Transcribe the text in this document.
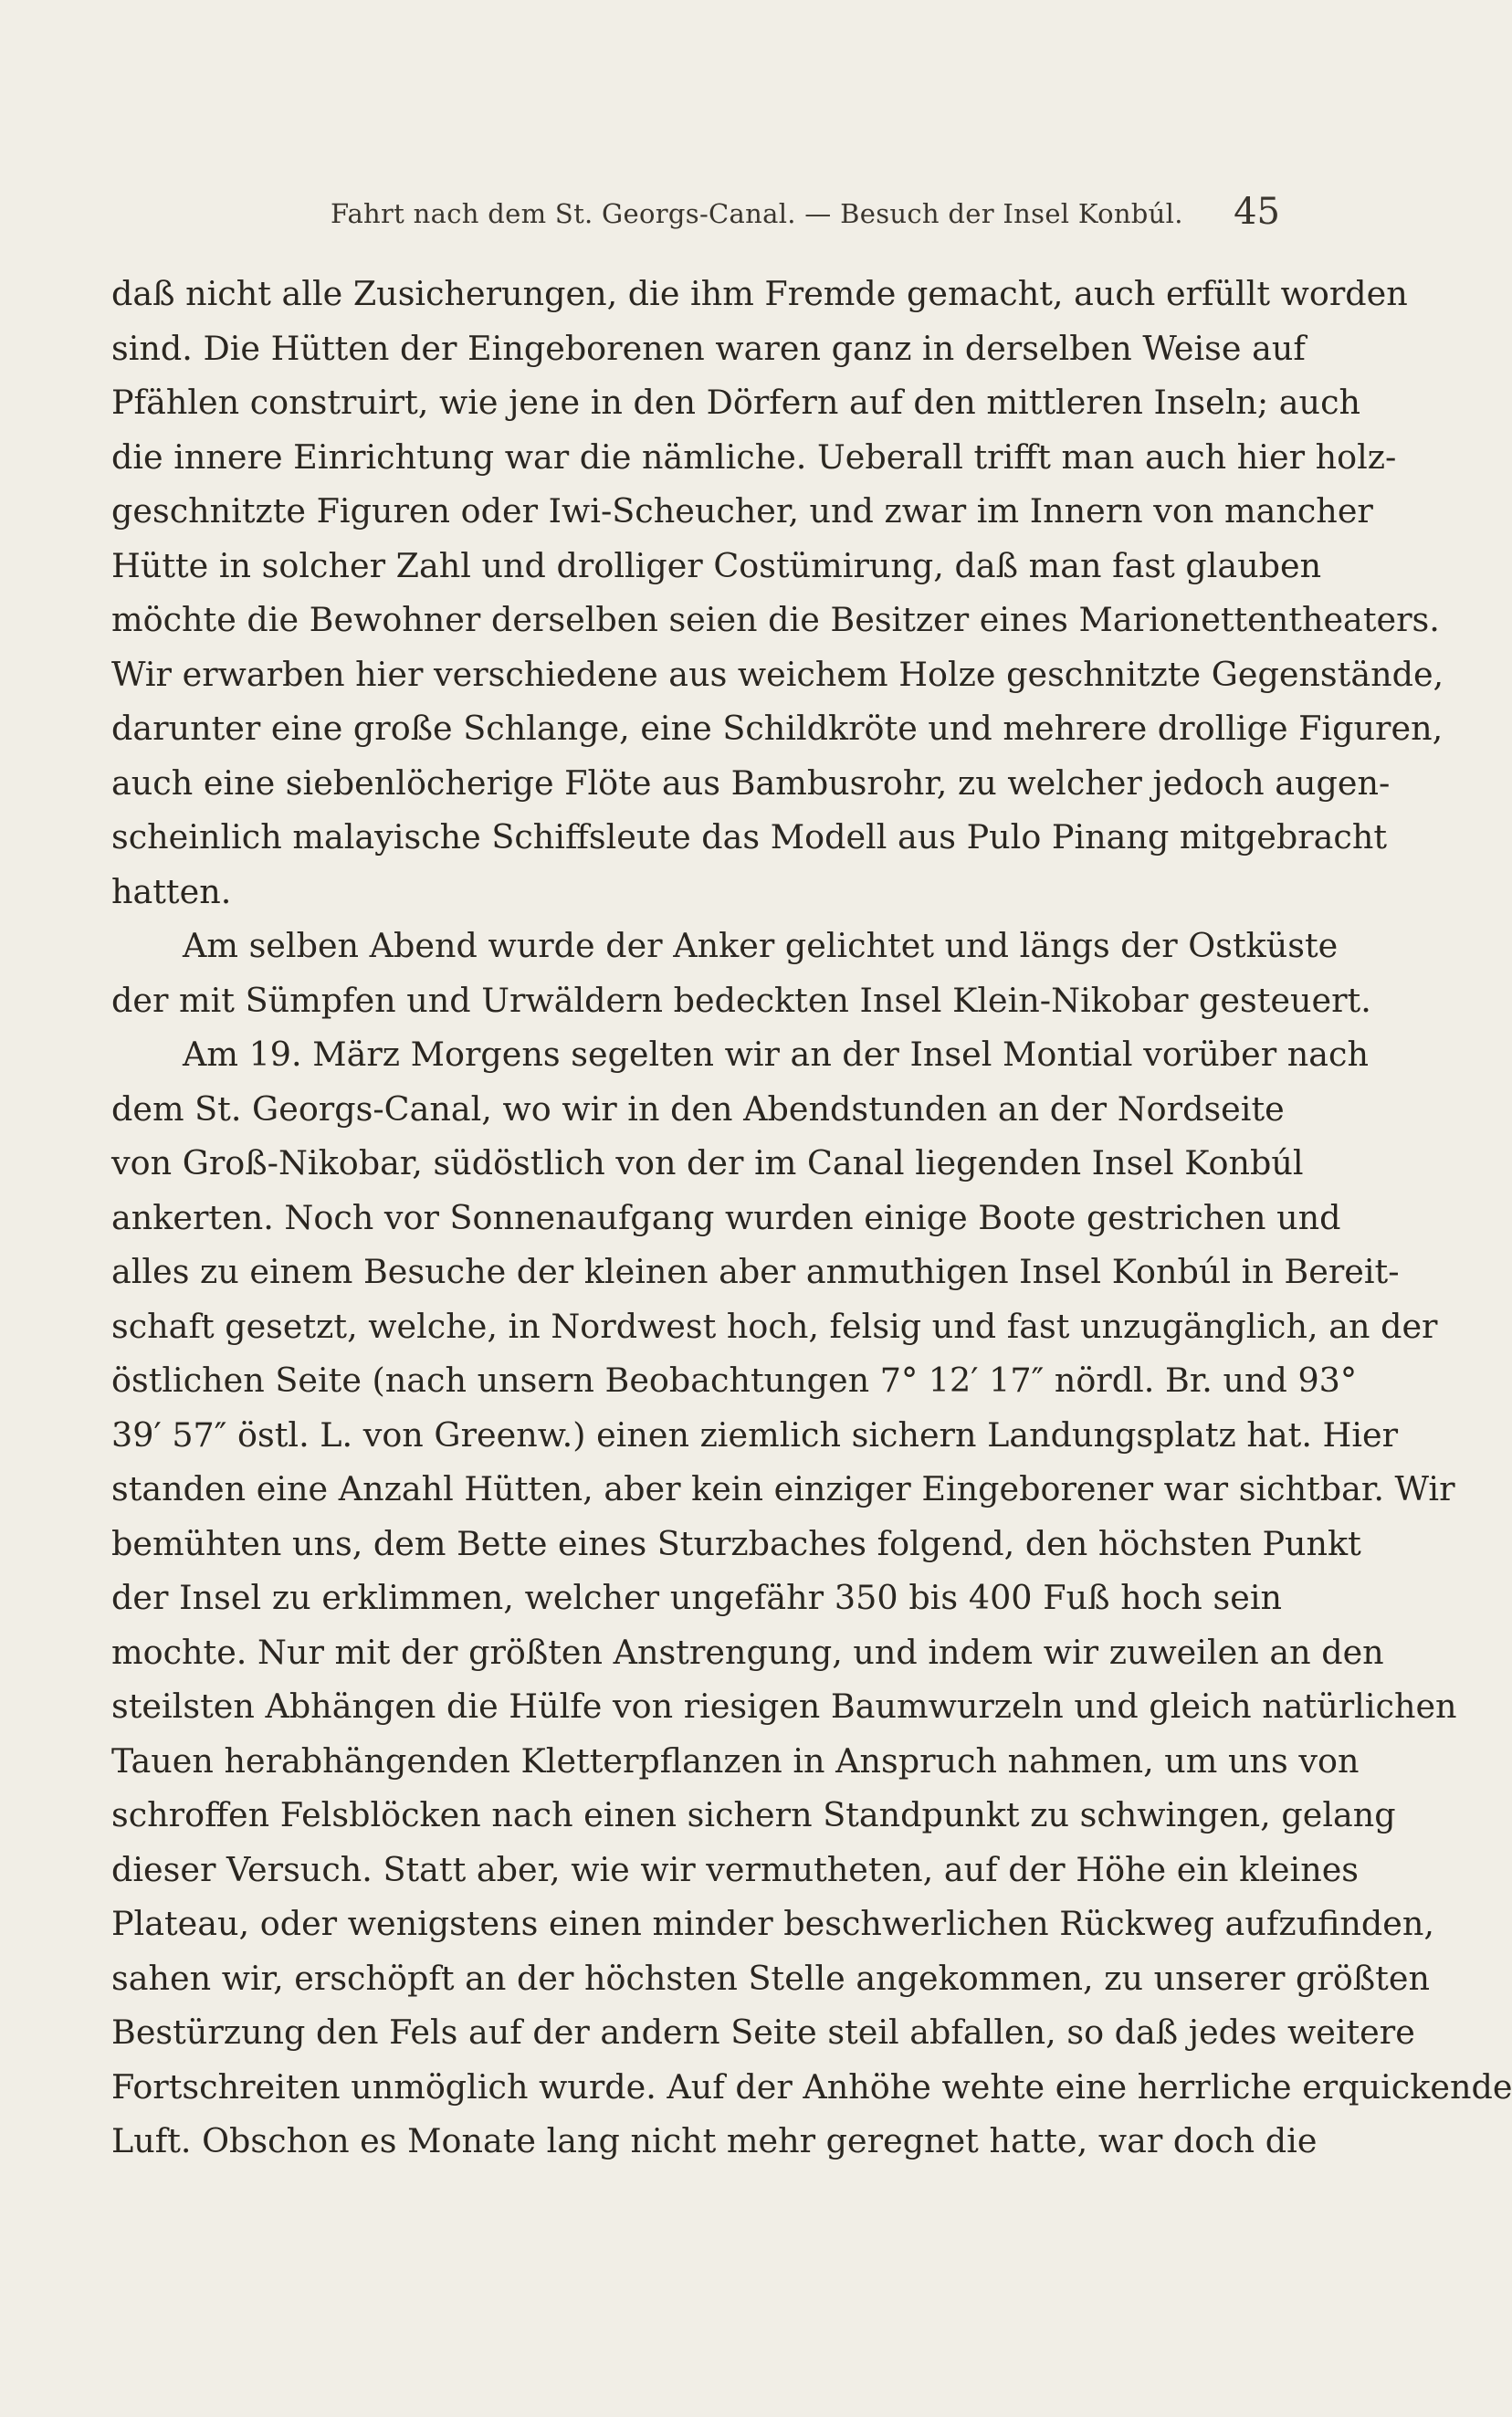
Fahrt nach dem St. Georgs-Canal. — Besuch der Insel Konbúl. 45
daß nicht alle Zusicherungen, die ihm Fremde gemacht, auch erfüllt worden
sind. Die Hütten der Eingeborenen waren ganz in derselben Weise auf
Pfählen construirt, wie jene in den Dörfern auf den mittleren Inseln; auch
die innere Einrichtung war die nämliche. Ueberall trifft man auch hier holz-
geschnitzte Figuren oder Iwi-Scheucher, und zwar im Innern von mancher
Hütte in solcher Zahl und drolliger Costümirung, daß man fast glauben
möchte die Bewohner derselben seien die Besitzer eines Marionettentheaters.
Wir erwarben hier verschiedene aus weichem Holze geschnitzte Gegenstände,
darunter eine große Schlange, eine Schildkröte und mehrere drollige Figuren,
auch eine siebenlöcherige Flöte aus Bambusrohr, zu welcher jedoch augen-
scheinlich malayische Schiffsleute das Modell aus Pulo Pinang mitgebracht
hatten.
Am selben Abend wurde der Anker gelichtet und längs der Ostküste
der mit Sümpfen und Urwäldern bedeckten Insel Klein-Nikobar gesteuert.
Am 19. März Morgens segelten wir an der Insel Montial vorüber nach
dem St. Georgs-Canal, wo wir in den Abendstunden an der Nordseite
von Groß-Nikobar, südöstlich von der im Canal liegenden Insel Konbúl
ankerten. Noch vor Sonnenaufgang wurden einige Boote gestrichen und
alles zu einem Besuche der kleinen aber anmuthigen Insel Konbúl in Bereit-
schaft gesetzt, welche, in Nordwest hoch, felsig und fast unzugänglich, an der
östlichen Seite (nach unsern Beobachtungen 7° 12′ 17″ nördl. Br. und 93°
39′ 57″ östl. L. von Greenw.) einen ziemlich sichern Landungsplatz hat. Hier
standen eine Anzahl Hütten, aber kein einziger Eingeborener war sichtbar. Wir
bemühten uns, dem Bette eines Sturzbaches folgend, den höchsten Punkt
der Insel zu erklimmen, welcher ungefähr 350 bis 400 Fuß hoch sein
mochte. Nur mit der größten Anstrengung, und indem wir zuweilen an den
steilsten Abhängen die Hülfe von riesigen Baumwurzeln und gleich natürlichen
Tauen herabhängenden Kletterpflanzen in Anspruch nahmen, um uns von
schroffen Felsblöcken nach einen sichern Standpunkt zu schwingen, gelang
dieser Versuch. Statt aber, wie wir vermutheten, auf der Höhe ein kleines
Plateau, oder wenigstens einen minder beschwerlichen Rückweg aufzufinden,
sahen wir, erschöpft an der höchsten Stelle angekommen, zu unserer größten
Bestürzung den Fels auf der andern Seite steil abfallen, so daß jedes weitere
Fortschreiten unmöglich wurde. Auf der Anhöhe wehte eine herrliche erquickende
Luft. Obschon es Monate lang nicht mehr geregnet hatte, war doch die
